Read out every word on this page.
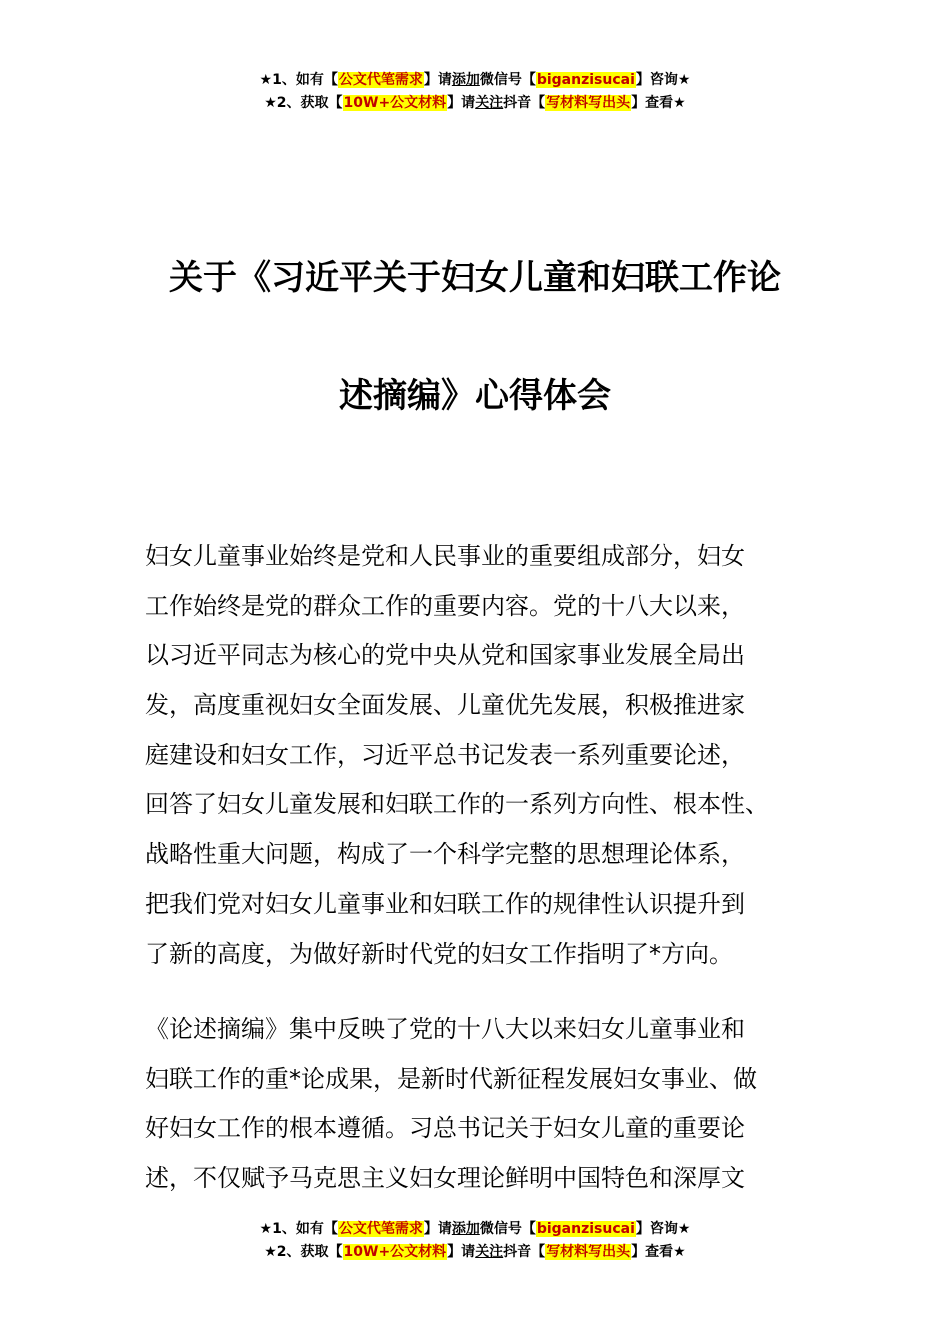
★1、如有【公文代笔需求】请添加微信号【biganzisucai】咨询★
★2、获取【10W+公文材料】请关注抖音【写材料写出头】查看★
关于《习近平关于妇女儿童和妇联工作论
述摘编》心得体会
妇女儿童事业始终是党和人民事业的重要组成部分，妇女
工作始终是党的群众工作的重要内容。党的十八大以来，
以习近平同志为核心的党中央从党和国家事业发展全局出
发，高度重视妇女全面发展、儿童优先发展，积极推进家
庭建设和妇女工作，习近平总书记发表一系列重要论述，
回答了妇女儿童发展和妇联工作的一系列方向性、根本性、
战略性重大问题，构成了一个科学完整的思想理论体系，
把我们党对妇女儿童事业和妇联工作的规律性认识提升到
了新的高度，为做好新时代党的妇女工作指明了*方向。
《论述摘编》集中反映了党的十八大以来妇女儿童事业和
妇联工作的重*论成果，是新时代新征程发展妇女事业、做
好妇女工作的根本遵循。习总书记关于妇女儿童的重要论
述，不仅赋予马克思主义妇女理论鲜明中国特色和深厚文
★1、如有【公文代笔需求】请添加微信号【biganzisucai】咨询★
★2、获取【10W+公文材料】请关注抖音【写材料写出头】查看★
